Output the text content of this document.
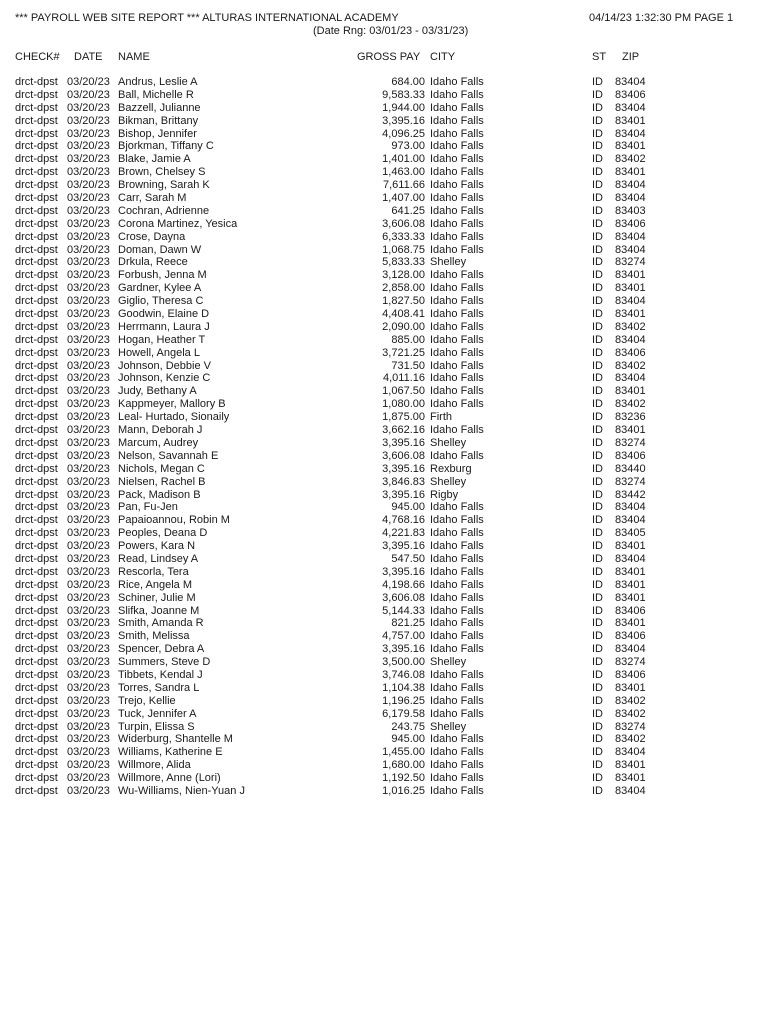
*** PAYROLL WEB SITE REPORT *** ALTURAS INTERNATIONAL ACADEMY
(Date Rng: 03/01/23 - 03/31/23)
04/14/23 1:32:30 PM PAGE 1
CHECK# DATE NAME	GROSS PAY CITY	ST ZIP
drct-dpst 03/20/23 Andrus, Leslie A	684.00 Idaho Falls	ID 83404
drct-dpst 03/20/23 Ball, Michelle R	9,583.33 Idaho Falls	ID 83406
drct-dpst 03/20/23 Bazzell, Julianne	1,944.00 Idaho Falls	ID 83404
drct-dpst 03/20/23 Bikman, Brittany	3,395.16 Idaho Falls	ID 83401
drct-dpst 03/20/23 Bishop, Jennifer	4,096.25 Idaho Falls	ID 83404
drct-dpst 03/20/23 Bjorkman, Tiffany C	973.00 Idaho Falls	ID 83401
drct-dpst 03/20/23 Blake, Jamie A	1,401.00 Idaho Falls	ID 83402
drct-dpst 03/20/23 Brown, Chelsey S	1,463.00 Idaho Falls	ID 83401
drct-dpst 03/20/23 Browning, Sarah K	7,611.66 Idaho Falls	ID 83404
drct-dpst 03/20/23 Carr, Sarah M	1,407.00 Idaho Falls	ID 83404
drct-dpst 03/20/23 Cochran, Adrienne	641.25 Idaho Falls	ID 83403
drct-dpst 03/20/23 Corona Martinez, Yesica	3,606.08 Idaho Falls	ID 83406
drct-dpst 03/20/23 Crose, Dayna	6,333.33 Idaho Falls	ID 83404
drct-dpst 03/20/23 Doman, Dawn W	1,068.75 Idaho Falls	ID 83404
drct-dpst 03/20/23 Drkula, Reece	5,833.33 Shelley	ID 83274
drct-dpst 03/20/23 Forbush, Jenna M	3,128.00 Idaho Falls	ID 83401
drct-dpst 03/20/23 Gardner, Kylee A	2,858.00 Idaho Falls	ID 83401
drct-dpst 03/20/23 Giglio, Theresa C	1,827.50 Idaho Falls	ID 83404
drct-dpst 03/20/23 Goodwin, Elaine D	4,408.41 Idaho Falls	ID 83401
drct-dpst 03/20/23 Herrmann, Laura J	2,090.00 Idaho Falls	ID 83402
drct-dpst 03/20/23 Hogan, Heather T	885.00 Idaho Falls	ID 83404
drct-dpst 03/20/23 Howell, Angela L	3,721.25 Idaho Falls	ID 83406
drct-dpst 03/20/23 Johnson, Debbie V	731.50 Idaho Falls	ID 83402
drct-dpst 03/20/23 Johnson, Kenzie C	4,011.16 Idaho Falls	ID 83404
drct-dpst 03/20/23 Judy, Bethany A	1,067.50 Idaho Falls	ID 83401
drct-dpst 03/20/23 Kappmeyer, Mallory B	1,080.00 Idaho Falls	ID 83402
drct-dpst 03/20/23 Leal- Hurtado, Sionaily	1,875.00 Firth	ID 83236
drct-dpst 03/20/23 Mann, Deborah J	3,662.16 Idaho Falls	ID 83401
drct-dpst 03/20/23 Marcum, Audrey	3,395.16 Shelley	ID 83274
drct-dpst 03/20/23 Nelson, Savannah E	3,606.08 Idaho Falls	ID 83406
drct-dpst 03/20/23 Nichols, Megan C	3,395.16 Rexburg	ID 83440
drct-dpst 03/20/23 Nielsen, Rachel B	3,846.83 Shelley	ID 83274
drct-dpst 03/20/23 Pack, Madison B	3,395.16 Rigby	ID 83442
drct-dpst 03/20/23 Pan, Fu-Jen	945.00 Idaho Falls	ID 83404
drct-dpst 03/20/23 Papaioannou, Robin M	4,768.16 Idaho Falls	ID 83404
drct-dpst 03/20/23 Peoples, Deana D	4,221.83 Idaho Falls	ID 83405
drct-dpst 03/20/23 Powers, Kara N	3,395.16 Idaho Falls	ID 83401
drct-dpst 03/20/23 Read, Lindsey A	547.50 Idaho Falls	ID 83404
drct-dpst 03/20/23 Rescorla, Tera	3,395.16 Idaho Falls	ID 83401
drct-dpst 03/20/23 Rice, Angela M	4,198.66 Idaho Falls	ID 83401
drct-dpst 03/20/23 Schiner, Julie M	3,606.08 Idaho Falls	ID 83401
drct-dpst 03/20/23 Slifka, Joanne M	5,144.33 Idaho Falls	ID 83406
drct-dpst 03/20/23 Smith, Amanda R	821.25 Idaho Falls	ID 83401
drct-dpst 03/20/23 Smith, Melissa	4,757.00 Idaho Falls	ID 83406
drct-dpst 03/20/23 Spencer, Debra A	3,395.16 Idaho Falls	ID 83404
drct-dpst 03/20/23 Summers, Steve D	3,500.00 Shelley	ID 83274
drct-dpst 03/20/23 Tibbets, Kendal J	3,746.08 Idaho Falls	ID 83406
drct-dpst 03/20/23 Torres, Sandra L	1,104.38 Idaho Falls	ID 83401
drct-dpst 03/20/23 Trejo, Kellie	1,196.25 Idaho Falls	ID 83402
drct-dpst 03/20/23 Tuck, Jennifer A	6,179.58 Idaho Falls	ID 83402
drct-dpst 03/20/23 Turpin, Elissa S	243.75 Shelley	ID 83274
drct-dpst 03/20/23 Widerburg, Shantelle M	945.00 Idaho Falls	ID 83402
drct-dpst 03/20/23 Williams, Katherine E	1,455.00 Idaho Falls	ID 83404
drct-dpst 03/20/23 Willmore, Alida	1,680.00 Idaho Falls	ID 83401
drct-dpst 03/20/23 Willmore, Anne (Lori)	1,192.50 Idaho Falls	ID 83401
drct-dpst 03/20/23 Wu-Williams, Nien-Yuan J	1,016.25 Idaho Falls	ID 83404
